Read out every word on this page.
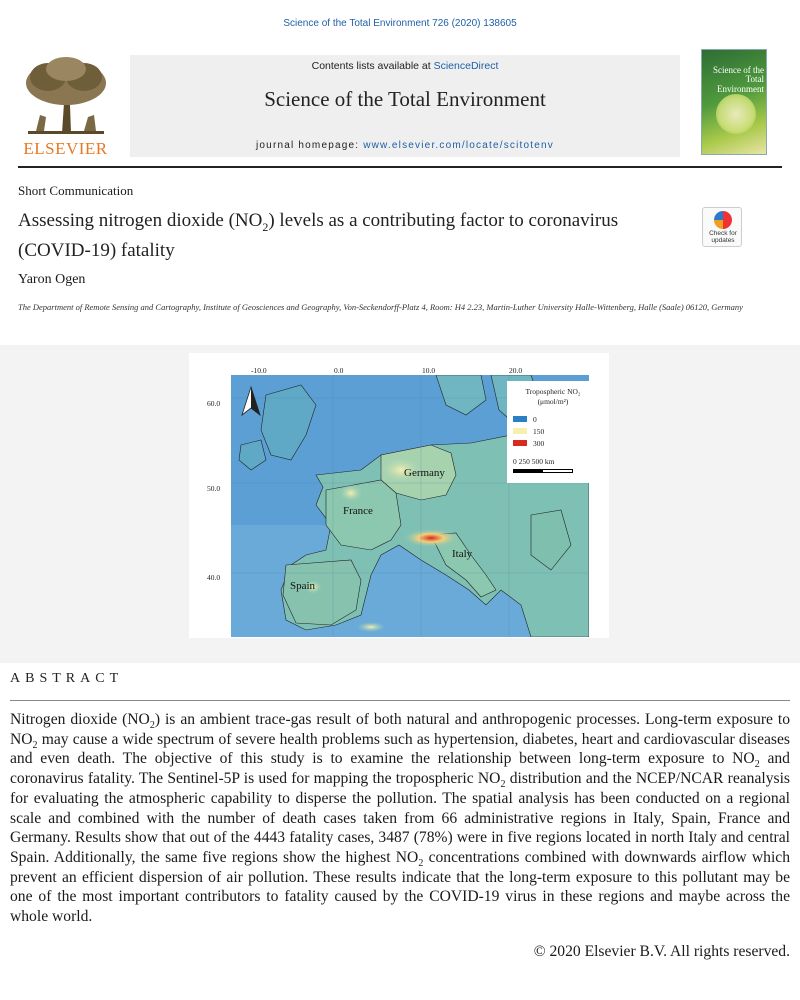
Science of the Total Environment 726 (2020) 138605
ELSEVIER
Contents lists available at ScienceDirect
Science of the Total Environment
journal homepage: www.elsevier.com/locate/scitotenv
Science of the Total Environment
Short Communication
Assessing nitrogen dioxide $(NO_2)$ levels as a contributing factor to coronavirus (COVID-19) fatality
Check for updates
Yaron Ogen
The Department of Remote Sensing and Cartography, Institute of Geosciences and Geography, Von-Seckendorff-Platz 4, Room: H4 2.23, Martin-Luther University Halle-Wittenberg, Halle (Saale) 06120, Germany
-10.0	0.0	10.0	20.0
60.0
50.0
40.0
Germany
France
Italy
Spain
Tropospheric NO₂
(μmol/m²)
0
150
300
0 250 500 km
ABSTRACT
Nitrogen dioxide $(NO_2)$ is an ambient trace-gas result of both natural and anthropogenic processes. Long-term exposure to $NO_2$ may cause a wide spectrum of severe health problems such as hypertension, diabetes, heart and cardiovascular diseases and even death. The objective of this study is to examine the relationship between long-term exposure to $NO_2$ and coronavirus fatality. The Sentinel-5P is used for mapping the tropospheric $NO_2$ distribution and the NCEP/NCAR reanalysis for evaluating the atmospheric capability to disperse the pollution. The spatial analysis has been conducted on a regional scale and combined with the number of death cases taken from 66 administrative regions in Italy, Spain, France and Germany. Results show that out of the 4443 fatality cases, 3487 (78%) were in five regions located in north Italy and central Spain. Additionally, the same five regions show the highest $NO_2$ concentrations combined with downwards airflow which prevent an efficient dispersion of air pollution. These results indicate that the long-term exposure to this pollutant may be one of the most important contributors to fatality caused by the COVID-19 virus in these regions and maybe across the whole world.
© 2020 Elsevier B.V. All rights reserved.
